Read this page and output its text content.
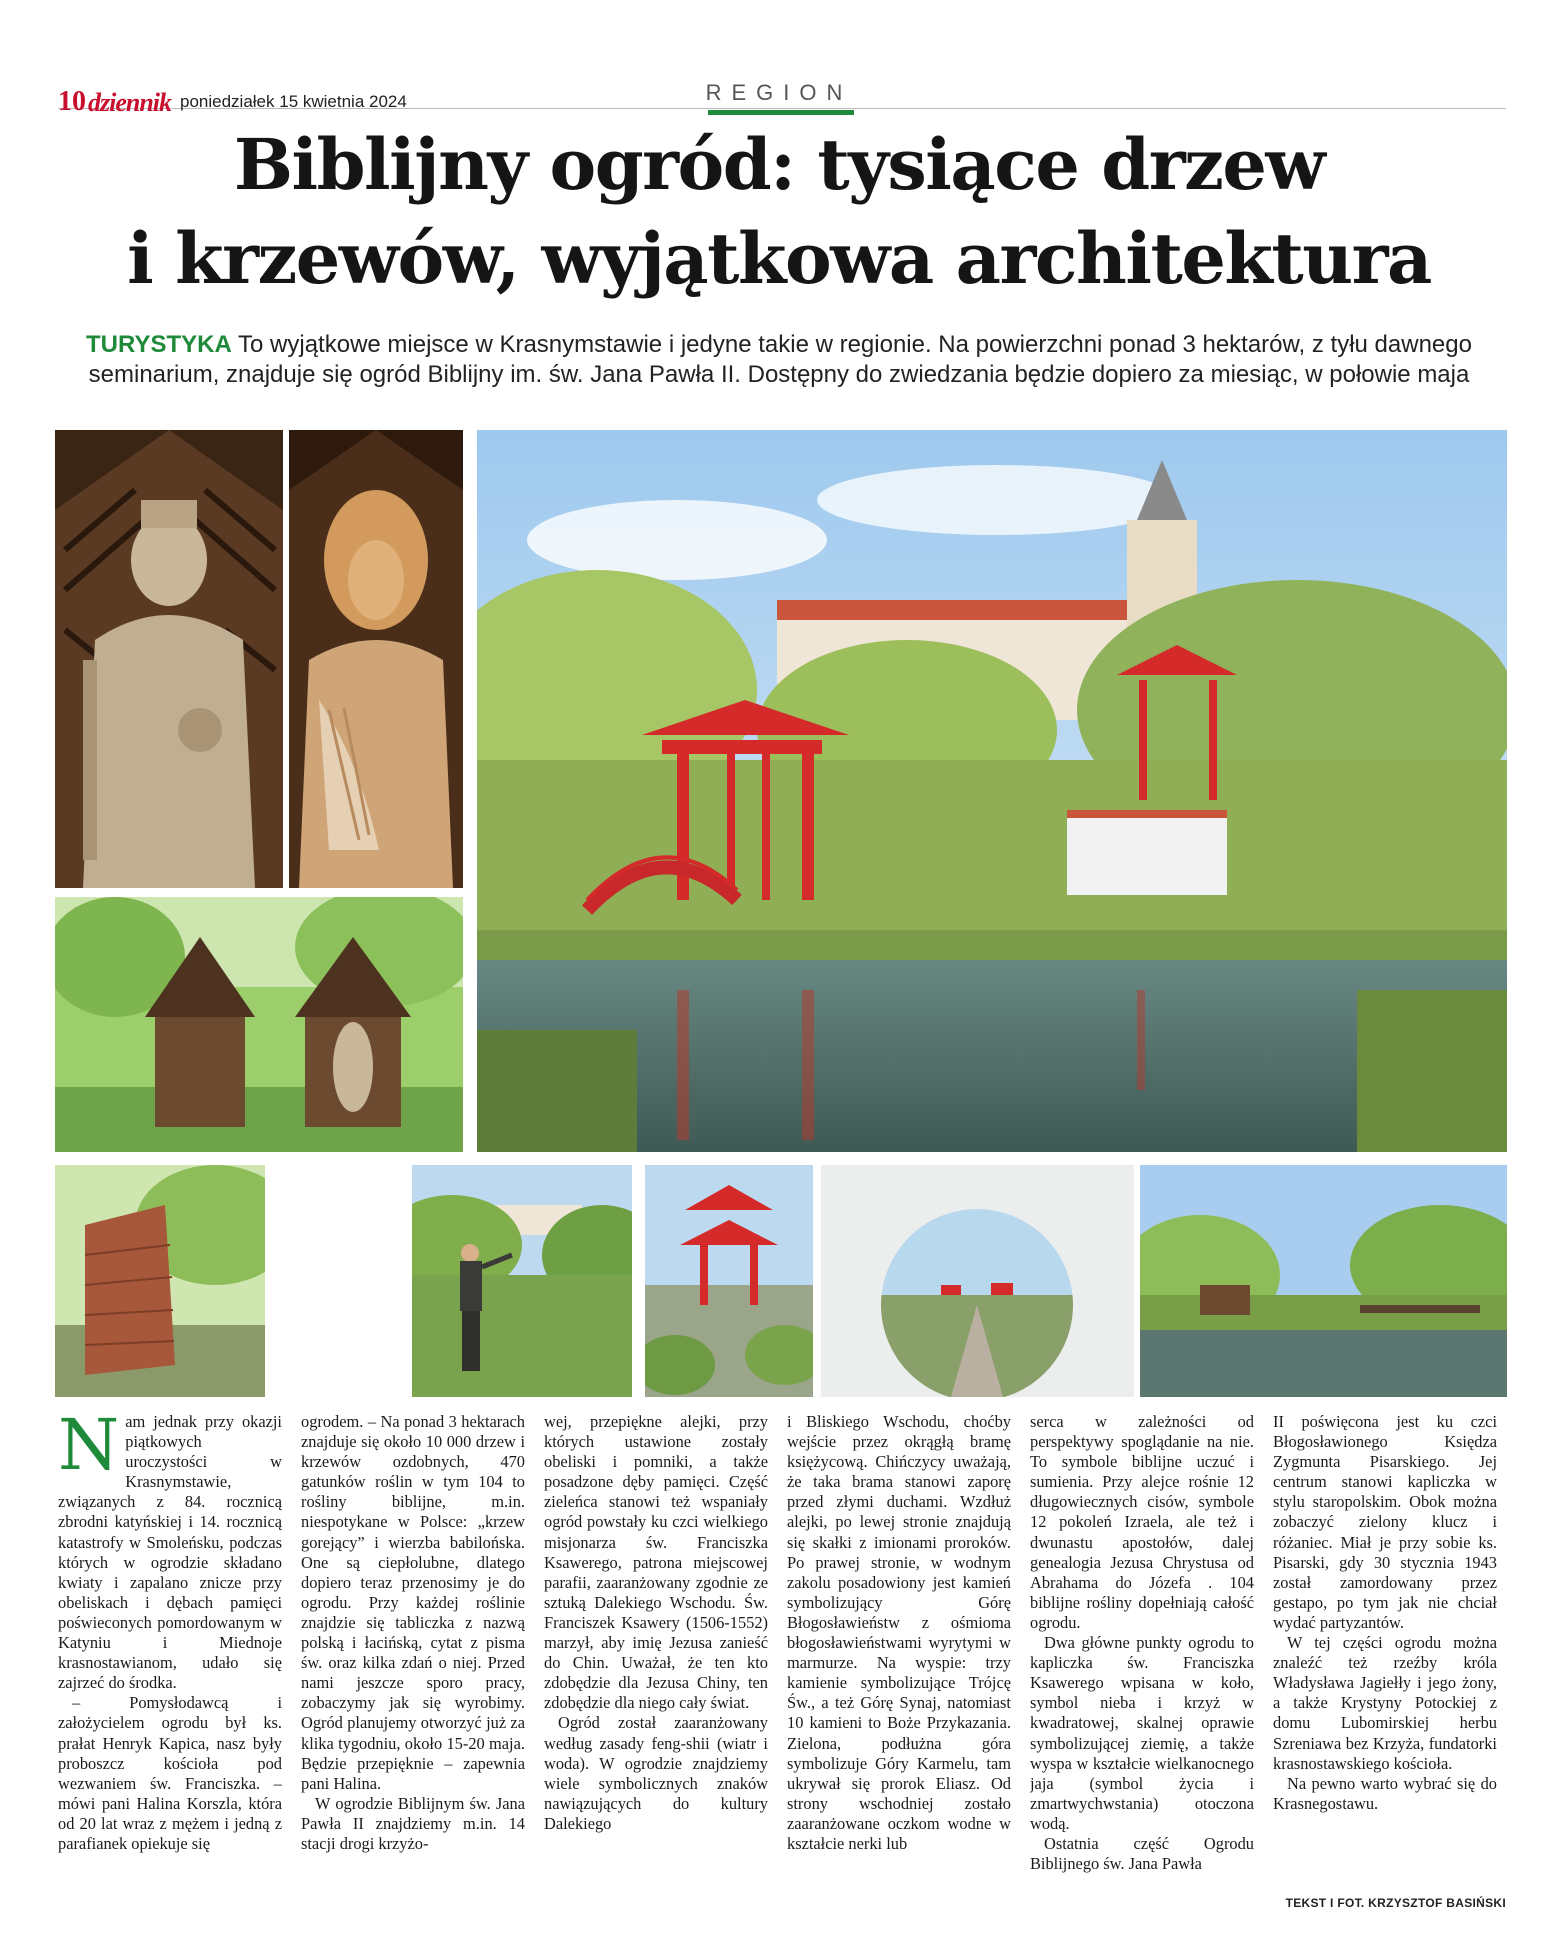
10 dziennik poniedziałek 15 kwietnia 2024	REGION
Biblijny ogród: tysiące drzew
i krzewów, wyjątkowa architektura
TURYSTYKA To wyjątkowe miejsce w Krasnymstawie i jedyne takie w regionie. Na powierzchni ponad 3 hektarów, z tyłu dawnego seminarium, znajduje się ogród Biblijny im. św. Jana Pawła II. Dostępny do zwiedzania będzie dopiero za miesiąc, w połowie maja

Nam jednak przy okazji piątkowych uroczystości w Krasnymstawie, związanych z 84. rocznicą zbrodni katyńskiej i 14. rocznicą katastrofy w Smoleńsku, podczas których w ogrodzie składano kwiaty i zapalano znicze przy obeliskach i dębach pamięci poświeconych pomordowanym w Katyniu i Miednoje krasnostawianom, udało się zajrzeć do środka.

– Pomysłodawcą i założycielem ogrodu był ks. prałat Henryk Kapica, nasz były proboszcz kościoła pod wezwaniem św. Franciszka. – mówi pani Halina Korszla, która od 20 lat wraz z mężem i jedną z parafianek opiekuje się

ogrodem. – Na ponad 3 hektarach znajduje się około 10 000 drzew i krzewów ozdobnych, 470 gatunków roślin w tym 104 to rośliny biblijne, m.in. niespotykane w Polsce: „krzew gorejący” i wierzba babilońska. One są ciepłolubne, dlatego dopiero teraz przenosimy je do ogrodu. Przy każdej roślinie znajdzie się tabliczka z nazwą polską i łacińską, cytat z pisma św. oraz kilka zdań o niej. Przed nami jeszcze sporo pracy, zobaczymy jak się wyrobimy. Ogród planujemy otworzyć już za klika tygodniu, około 15-20 maja. Będzie przepięknie – zapewnia pani Halina.

W ogrodzie Biblijnym św. Jana Pawła II znajdziemy m.in. 14 stacji drogi krzyżo-

wej, przepiękne alejki, przy których ustawione zostały obeliski i pomniki, a także posadzone dęby pamięci. Część zieleńca stanowi też wspaniały ogród powstały ku czci wielkiego misjonarza św. Franciszka Ksawerego, patrona miejscowej parafii, zaaranżowany zgodnie ze sztuką Dalekiego Wschodu. Św. Franciszek Ksawery (1506-1552) marzył, aby imię Jezusa zanieść do Chin. Uważał, że ten kto zdobędzie dla Jezusa Chiny, ten zdobędzie dla niego cały świat.

Ogród został zaaranżowany według zasady feng-shii (wiatr i woda). W ogrodzie znajdziemy wiele symbolicznych znaków nawiązujących do kultury Dalekiego

i Bliskiego Wschodu, choćby wejście przez okrągłą bramę księżycową. Chińczycy uważają, że taka brama stanowi zaporę przed złymi duchami. Wzdłuż alejki, po lewej stronie znajdują się skałki z imionami proroków. Po prawej stronie, w wodnym zakolu posadowiony jest kamień symbolizujący Górę Błogosławieństw z ośmioma błogosławieństwami wyrytymi w marmurze. Na wyspie: trzy kamienie symbolizujące Trójcę Św., a też Górę Synaj, natomiast 10 kamieni to Boże Przykazania. Zielona, podłużna góra symbolizuje Góry Karmelu, tam ukrywał się prorok Eliasz. Od strony wschodniej zostało zaaranżowane oczkom wodne w kształcie nerki lub

serca w zależności od perspektywy spoglądanie na nie. To symbole biblijne uczuć i sumienia. Przy alejce rośnie 12 długowiecznych cisów, symbole 12 pokoleń Izraela, ale też i dwunastu apostołów, dalej genealogia Jezusa Chrystusa od Abrahama do Józefa . 104 biblijne rośliny dopełniają całość ogrodu.

Dwa główne punkty ogrodu to kapliczka św. Franciszka Ksawerego wpisana w koło, symbol nieba i krzyż w kwadratowej, skalnej oprawie symbolizującej ziemię, a także wyspa w kształcie wielkanocnego jaja (symbol życia i zmartwychwstania) otoczona wodą.

Ostatnia część Ogrodu Biblijnego św. Jana Pawła

II poświęcona jest ku czci Błogosławionego Księdza Zygmunta Pisarskiego. Jej centrum stanowi kapliczka w stylu staropolskim. Obok można zobaczyć zielony klucz i różaniec. Miał je przy sobie ks. Pisarski, gdy 30 stycznia 1943 został zamordowany przez gestapo, po tym jak nie chciał wydać partyzantów.

W tej części ogrodu można znaleźć też rzeźby króla Władysława Jagiełły i jego żony, a także Krystyny Potockiej z domu Lubomirskiej herbu Szreniawa bez Krzyża, fundatorki krasnostawskiego kościoła.

Na pewno warto wybrać się do Krasnegostawu.

TEKST I FOT. KRZYSZTOF BASIŃSKI
